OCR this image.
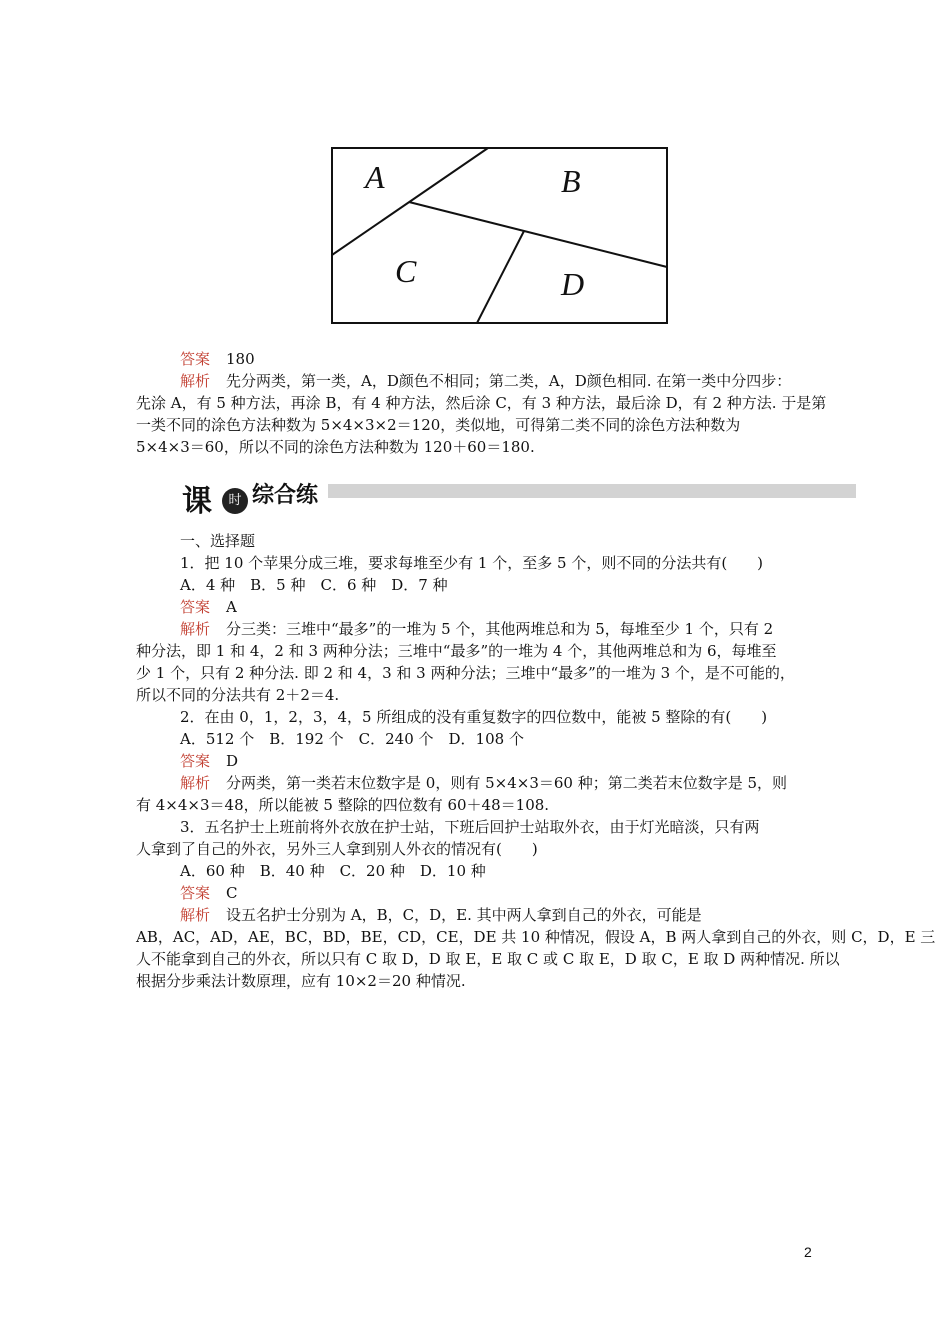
A	B
C	D
答案 180
解析 先分两类，第一类，A，D颜色不相同；第二类，A，D颜色相同. 在第一类中分四步：
先涂 A，有 5 种方法，再涂 B，有 4 种方法，然后涂 C，有 3 种方法，最后涂 D，有 2 种方法. 于是第
一类不同的涂色方法种数为 5×4×3×2＝120，类似地，可得第二类不同的涂色方法种数为
5×4×3＝60，所以不同的涂色方法种数为 120＋60＝180.
课	时 综合练
一、选择题
1．把 10 个苹果分成三堆，要求每堆至少有 1 个，至多 5 个，则不同的分法共有(　　)
A．4 种　B．5 种　C．6 种　D．7 种
答案 A
解析 分三类：三堆中“最多”的一堆为 5 个，其他两堆总和为 5，每堆至少 1 个，只有 2
种分法，即 1 和 4，2 和 3 两种分法；三堆中“最多”的一堆为 4 个，其他两堆总和为 6，每堆至
少 1 个，只有 2 种分法. 即 2 和 4，3 和 3 两种分法；三堆中“最多”的一堆为 3 个，是不可能的，
所以不同的分法共有 2＋2＝4.
2．在由 0，1，2，3，4，5 所组成的没有重复数字的四位数中，能被 5 整除的有(　　)
A．512 个　B．192 个　C．240 个　D．108 个
答案 D
解析 分两类，第一类若末位数字是 0，则有 5×4×3＝60 种；第二类若末位数字是 5，则
有 4×4×3＝48，所以能被 5 整除的四位数有 60＋48＝108.
3．五名护士上班前将外衣放在护士站，下班后回护士站取外衣，由于灯光暗淡，只有两
人拿到了自己的外衣，另外三人拿到别人外衣的情况有(　　)
A．60 种　B．40 种　C．20 种　D．10 种
答案 C
解析 设五名护士分别为 A，B，C，D，E. 其中两人拿到自己的外衣，可能是
AB，AC，AD，AE，BC，BD，BE，CD，CE，DE 共 10 种情况，假设 A，B 两人拿到自己的外衣，则 C，D，E 三
人不能拿到自己的外衣，所以只有 C 取 D，D 取 E，E 取 C 或 C 取 E，D 取 C，E 取 D 两种情况. 所以
根据分步乘法计数原理，应有 10×2＝20 种情况.
2
